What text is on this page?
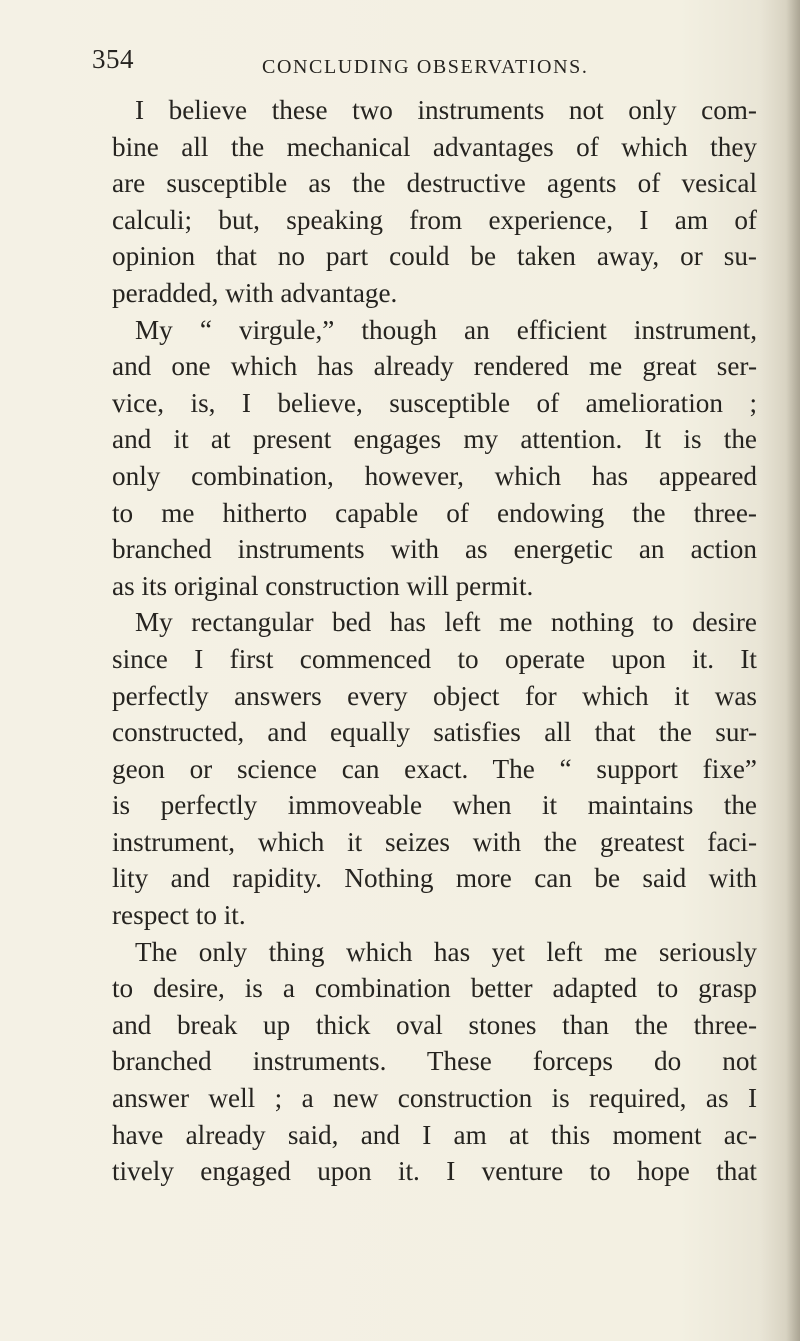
354	CONCLUDING OBSERVATIONS.
I believe these two instruments not only com-
bine all the mechanical advantages of which they
are susceptible as the destructive agents of vesical
calculi; but, speaking from experience, I am of
opinion that no part could be taken away, or su-
peradded, with advantage.
My “ virgule,” though an efficient instrument,
and one which has already rendered me great ser-
vice, is, I believe, susceptible of amelioration ;
and it at present engages my attention. It is the
only combination, however, which has appeared
to me hitherto capable of endowing the three-
branched instruments with as energetic an action
as its original construction will permit.
My rectangular bed has left me nothing to desire
since I first commenced to operate upon it. It
perfectly answers every object for which it was
constructed, and equally satisfies all that the sur-
geon or science can exact. The “ support fixe”
is perfectly immoveable when it maintains the
instrument, which it seizes with the greatest faci-
lity and rapidity. Nothing more can be said with
respect to it.
The only thing which has yet left me seriously
to desire, is a combination better adapted to grasp
and break up thick oval stones than the three-
branched instruments. These forceps do not
answer well ; a new construction is required, as I
have already said, and I am at this moment ac-
tively engaged upon it. I venture to hope that
